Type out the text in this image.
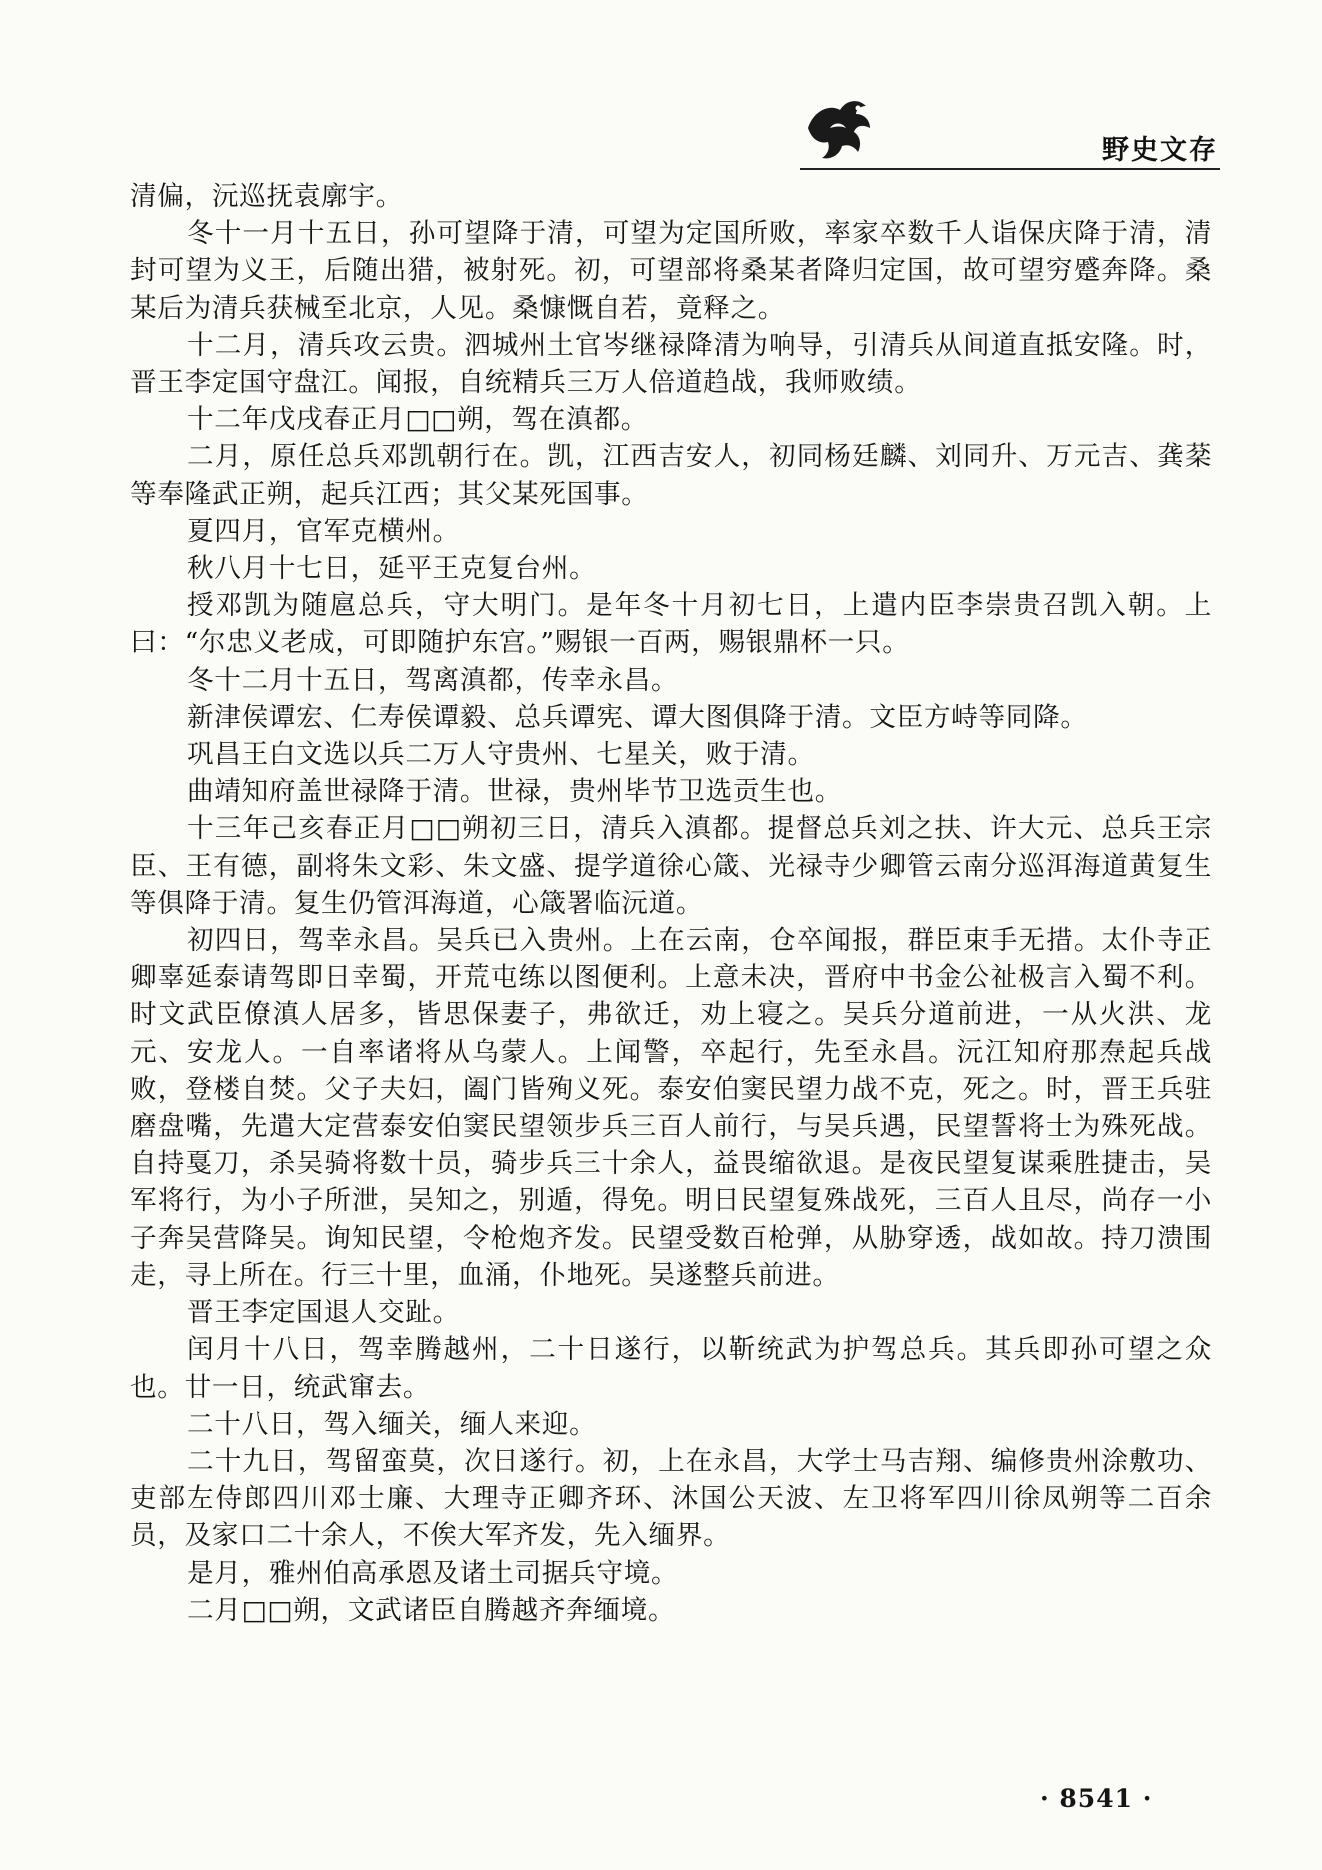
野史文存

清偏，沅巡抚袁廓宇。

冬十一月十五日，孙可望降于清，可望为定国所败，率家卒数千人诣保庆降于清，清封可望为义王，后随出猎，被射死。初，可望部将桑某者降归定国，故可望穷蹙奔降。桑某后为清兵获械至北京，人见。桑慷慨自若，竟释之。

十二月，清兵攻云贵。泗城州土官岑继禄降清为响导，引清兵从间道直抵安隆。时，晋王李定国守盘江。闻报，自统精兵三万人倍道趋战，我师败绩。

十二年戊戌春正月□□朔，驾在滇都。

二月，原任总兵邓凯朝行在。凯，江西吉安人，初同杨廷麟、刘同升、万元吉、龚棻等奉隆武正朔，起兵江西；其父某死国事。

夏四月，官军克横州。

秋八月十七日，延平王克复台州。

授邓凯为随扈总兵，守大明门。是年冬十月初七日，上遣内臣李崇贵召凯入朝。上曰：“尔忠义老成，可即随护东宫。”赐银一百两，赐银鼎杯一只。

冬十二月十五日，驾离滇都，传幸永昌。

新津侯谭宏、仁寿侯谭毅、总兵谭宪、谭大图俱降于清。文臣方峙等同降。

巩昌王白文选以兵二万人守贵州、七星关，败于清。

曲靖知府盖世禄降于清。世禄，贵州毕节卫选贡生也。

十三年己亥春正月□□朔初三日，清兵入滇都。提督总兵刘之扶、许大元、总兵王宗臣、王有德，副将朱文彩、朱文盛、提学道徐心箴、光禄寺少卿管云南分巡洱海道黄复生等俱降于清。复生仍管洱海道，心箴署临沅道。

初四日，驾幸永昌。吴兵已入贵州。上在云南，仓卒闻报，群臣束手无措。太仆寺正卿辜延泰请驾即日幸蜀，开荒屯练以图便利。上意未决，晋府中书金公祉极言入蜀不利。时文武臣僚滇人居多，皆思保妻子，弗欲迁，劝上寝之。吴兵分道前进，一从火洪、龙元、安龙人。一自率诸将从乌蒙人。上闻警，卒起行，先至永昌。沅江知府那焘起兵战败，登楼自焚。父子夫妇，阖门皆殉义死。泰安伯窦民望力战不克，死之。时，晋王兵驻磨盘嘴，先遣大定营泰安伯窦民望领步兵三百人前行，与吴兵遇，民望誓将士为殊死战。自持戛刀，杀吴骑将数十员，骑步兵三十余人，益畏缩欲退。是夜民望复谋乘胜捷击，吴军将行，为小子所泄，吴知之，别遁，得免。明日民望复殊战死，三百人且尽，尚存一小子奔吴营降吴。询知民望，令枪炮齐发。民望受数百枪弹，从胁穿透，战如故。持刀溃围走，寻上所在。行三十里，血涌，仆地死。吴遂整兵前进。

晋王李定国退人交趾。

闰月十八日，驾幸腾越州，二十日遂行，以靳统武为护驾总兵。其兵即孙可望之众也。廿一日，统武窜去。

二十八日，驾入缅关，缅人来迎。

二十九日，驾留蛮莫，次日遂行。初，上在永昌，大学士马吉翔、编修贵州涂敷功、吏部左侍郎四川邓士廉、大理寺正卿齐环、沐国公天波、左卫将军四川徐凤朔等二百余员，及家口二十余人，不俟大军齐发，先入缅界。

是月，雅州伯高承恩及诸土司据兵守境。

二月□□朔，文武诸臣自腾越齐奔缅境。

· 8541 ·
